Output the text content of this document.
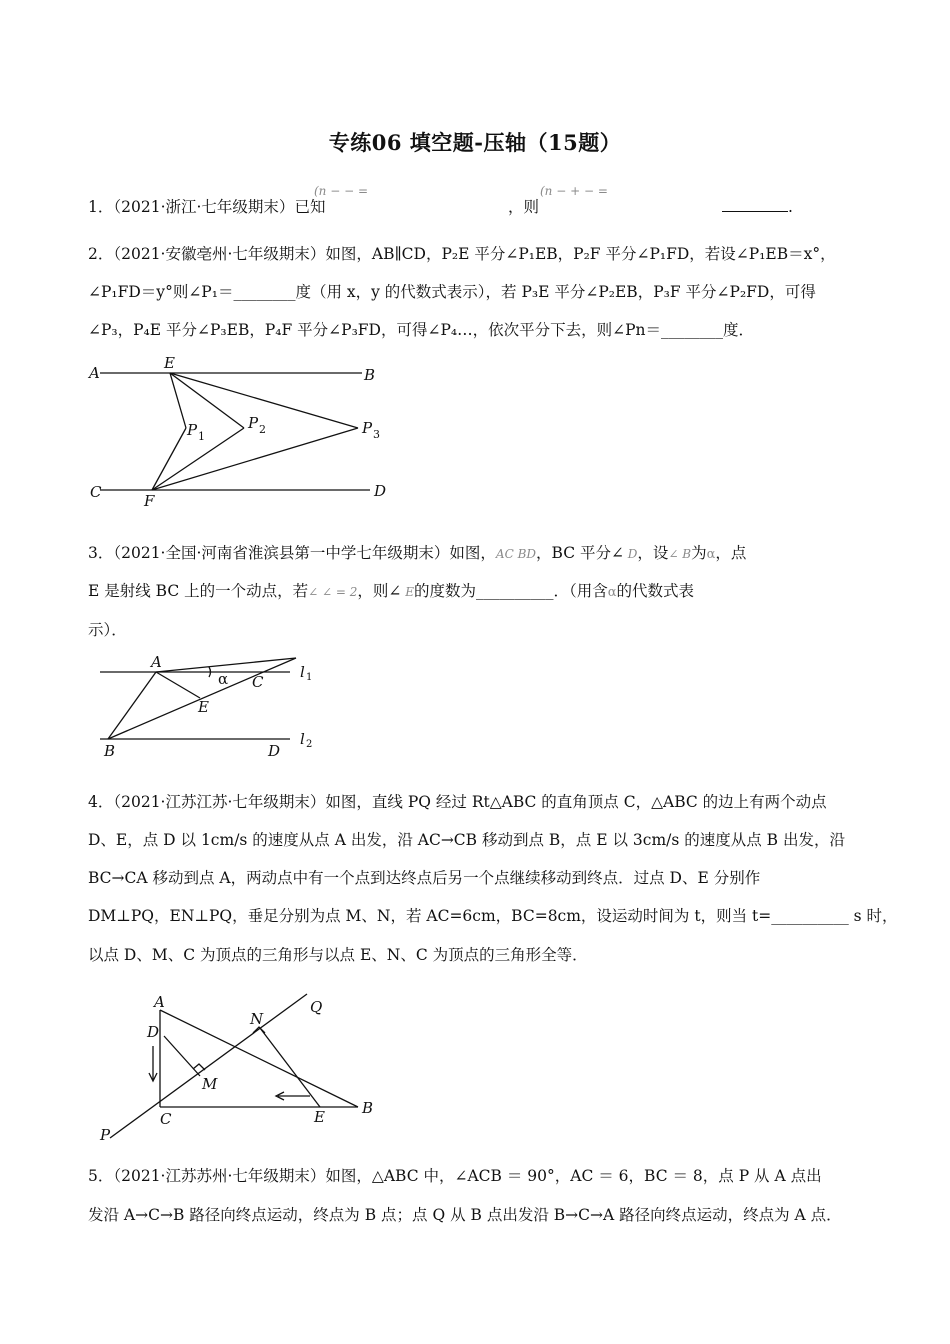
专练06 填空题-压轴（15题）
1．（2021·浙江·七年级期末）已知
(n − − =
，则
(n − + − =
.
2．（2021·安徽亳州·七年级期末）如图，AB∥CD，P₂E 平分∠P₁EB，P₂F 平分∠P₁FD，若设∠P₁EB＝x°，
∠P₁FD＝y°则∠P₁＝________度（用 x，y 的代数式表示），若 P₃E 平分∠P₂EB，P₃F 平分∠P₂FD，可得
∠P₃，P₄E 平分∠P₃EB，P₄F 平分∠P₃FD，可得∠P₄…，依次平分下去，则∠Pn＝________度．
A	B
C	D
E
F
P 1
P 2	P 3
3．（2021·全国·河南省淮滨县第一中学七年级期末）如图，AC BD，BC 平分∠ D，设∠ B为α，点
E 是射线 BC 上的一个动点，若∠ ∠ = 2，则∠ E的度数为__________．（用含α的代数式表
示）．
A
C
E
B	D
α	l 1
l 2
4．（2021·江苏江苏·七年级期末）如图，直线 PQ 经过 Rt△ABC 的直角顶点 C，△ABC 的边上有两个动点
D、E，点 D 以 1cm/s 的速度从点 A 出发，沿 AC→CB 移动到点 B，点 E 以 3cm/s 的速度从点 B 出发，沿
BC→CA 移动到点 A，两动点中有一个点到达终点后另一个点继续移动到终点．过点 D、E 分别作
DM⊥PQ，EN⊥PQ，垂足分别为点 M、N，若 AC=6cm，BC=8cm，设运动时间为 t，则当 t=__________ s 时，
以点 D、M、C 为顶点的三角形与以点 E、N、C 为顶点的三角形全等．
A
D
M
N
Q
C	E B
P
5．（2021·江苏苏州·七年级期末）如图，△ABC 中，∠ACB ＝ 90°，AC ＝ 6，BC ＝ 8，点 P 从 A 点出
发沿 A→C→B 路径向终点运动，终点为 B 点；点 Q 从 B 点出发沿 B→C→A 路径向终点运动，终点为 A 点．
